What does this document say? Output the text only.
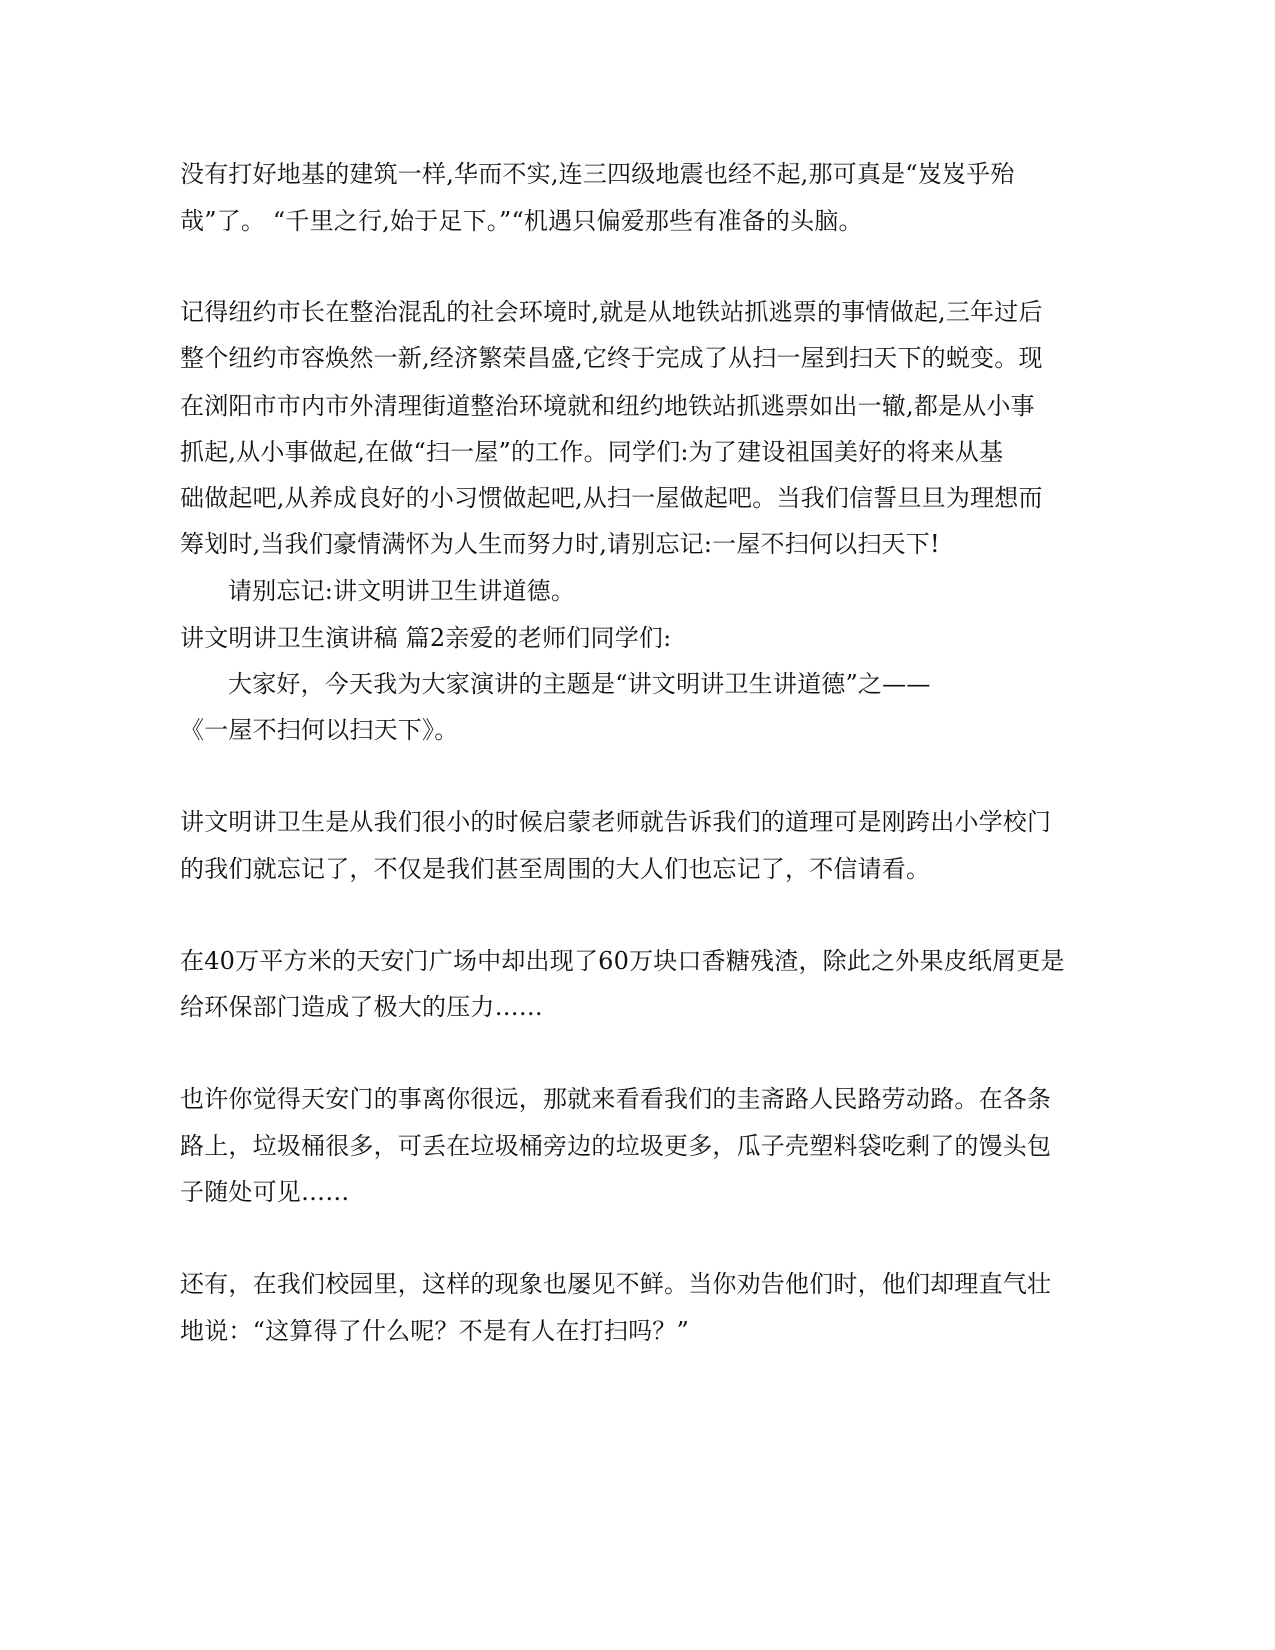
没有打好地基的建筑一样,华而不实,连三四级地震也经不起,那可真是“岌岌乎殆
哉”了。 “千里之行,始于足下。”“机遇只偏爱那些有准备的头脑。
记得纽约市长在整治混乱的社会环境时,就是从地铁站抓逃票的事情做起,三年过后
整个纽约市容焕然一新,经济繁荣昌盛,它终于完成了从扫一屋到扫天下的蜕变。现
在浏阳市市内市外清理街道整治环境就和纽约地铁站抓逃票如出一辙,都是从小事
抓起,从小事做起,在做“扫一屋”的工作。同学们:为了建设祖国美好的将来从基
础做起吧,从养成良好的小习惯做起吧,从扫一屋做起吧。当我们信誓旦旦为理想而
筹划时,当我们豪情满怀为人生而努力时,请别忘记:一屋不扫何以扫天下!
请别忘记:讲文明讲卫生讲道德。
讲文明讲卫生演讲稿 篇2亲爱的老师们同学们:
大家好，今天我为大家演讲的主题是“讲文明讲卫生讲道德”之——
《一屋不扫何以扫天下》。
讲文明讲卫生是从我们很小的时候启蒙老师就告诉我们的道理可是刚跨出小学校门
的我们就忘记了，不仅是我们甚至周围的大人们也忘记了，不信请看。
在40万平方米的天安门广场中却出现了60万块口香糖残渣，除此之外果皮纸屑更是
给环保部门造成了极大的压力……
也许你觉得天安门的事离你很远，那就来看看我们的圭斋路人民路劳动路。在各条
路上，垃圾桶很多，可丢在垃圾桶旁边的垃圾更多，瓜子壳塑料袋吃剩了的馒头包
子随处可见……
还有，在我们校园里，这样的现象也屡见不鲜。当你劝告他们时，他们却理直气壮
地说：“这算得了什么呢？不是有人在打扫吗？”
